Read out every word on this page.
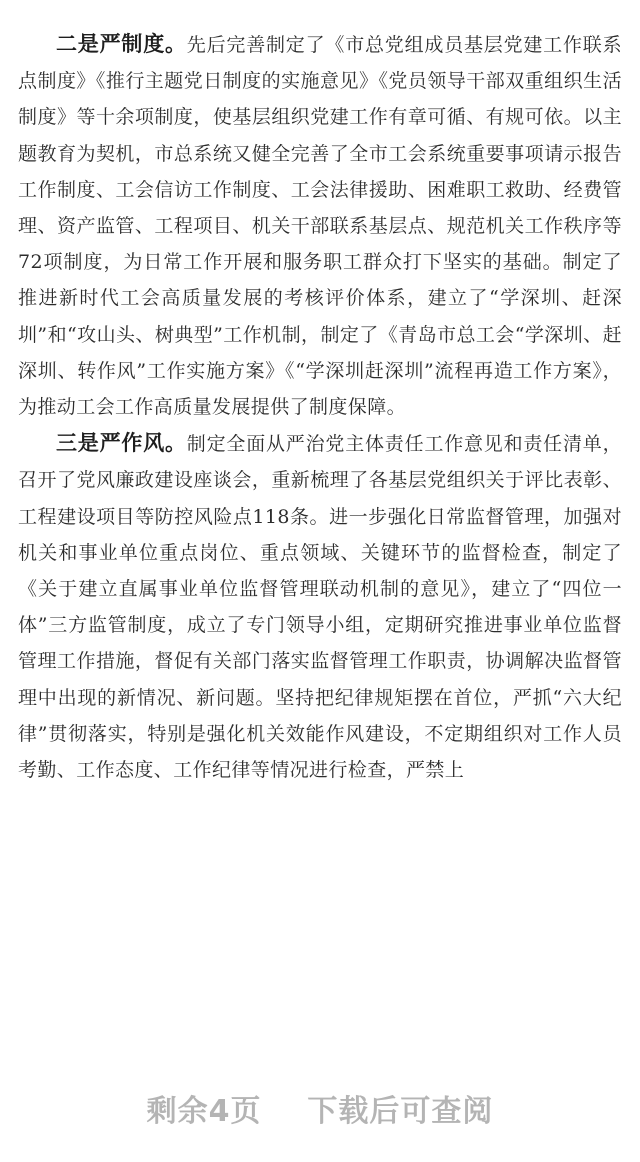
二是严制度。先后完善制定了《市总党组成员基层党建工作联系点制度》《推行主题党日制度的实施意见》《党员领导干部双重组织生活制度》等十余项制度，使基层组织党建工作有章可循、有规可依。以主题教育为契机，市总系统又健全完善了全市工会系统重要事项请示报告工作制度、工会信访工作制度、工会法律援助、困难职工救助、经费管理、资产监管、工程项目、机关干部联系基层点、规范机关工作秩序等72项制度，为日常工作开展和服务职工群众打下坚实的基础。制定了推进新时代工会高质量发展的考核评价体系，建立了“学深圳、赶深圳”和“攻山头、树典型”工作机制，制定了《青岛市总工会“学深圳、赶深圳、转作风”工作实施方案》《“学深圳赶深圳”流程再造工作方案》，为推动工会工作高质量发展提供了制度保障。

三是严作风。制定全面从严治党主体责任工作意见和责任清单，召开了党风廉政建设座谈会，重新梳理了各基层党组织关于评比表彰、工程建设项目等防控风险点118条。进一步强化日常监督管理，加强对机关和事业单位重点岗位、重点领域、关键环节的监督检查，制定了《关于建立直属事业单位监督管理联动机制的意见》，建立了“四位一体”三方监管制度，成立了专门领导小组，定期研究推进事业单位监督管理工作措施，督促有关部门落实监督管理工作职责，协调解决监督管理中出现的新情况、新问题。坚持把纪律规矩摆在首位，严抓“六大纪律”贯彻落实，特别是强化机关效能作风建设，不定期组织对工作人员考勤、工作态度、工作纪律等情况进行检查，严禁上

剩余4页
下载后可查阅
